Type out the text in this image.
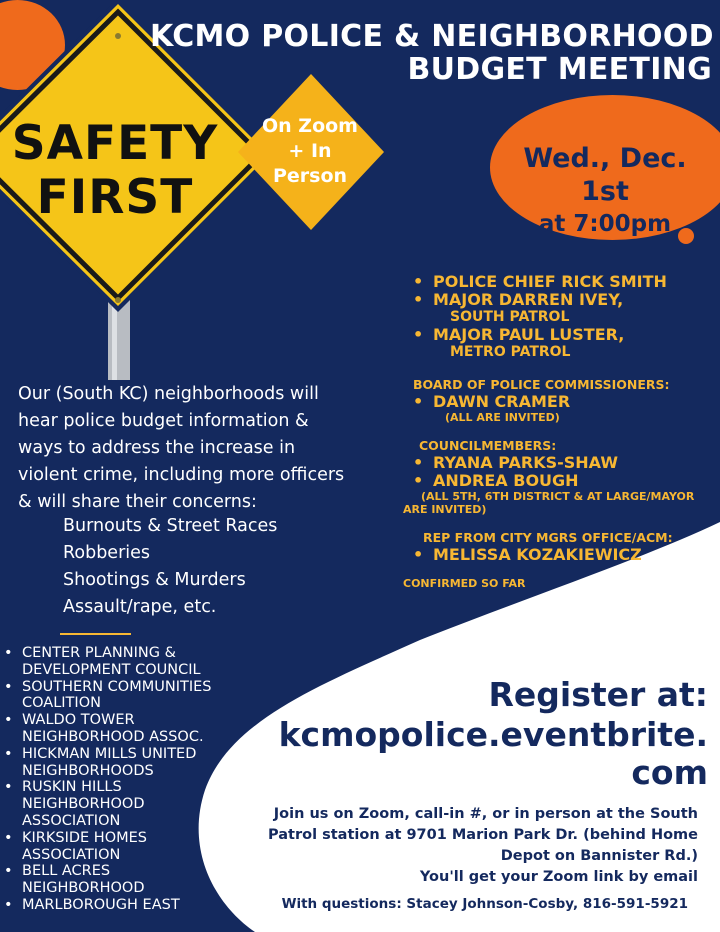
SAFETY
FIRST
On Zoom
+ In
Person
KCMO POLICE & NEIGHBORHOOD
BUDGET MEETING
Wed., Dec. 1st
at 7:00pm
• POLICE CHIEF RICK SMITH
• MAJOR DARREN IVEY,
SOUTH PATROL
• MAJOR PAUL LUSTER,
METRO PATROL
BOARD OF POLICE COMMISSIONERS:
• DAWN CRAMER
(ALL ARE INVITED)
COUNCILMEMBERS:
• RYANA PARKS-SHAW
• ANDREA BOUGH
(ALL 5TH, 6TH DISTRICT & AT LARGE/MAYOR
ARE INVITED)
REP FROM CITY MGRS OFFICE/ACM:
• MELISSA KOZAKIEWICZ
CONFIRMED SO FAR
Our (South KC) neighborhoods will
hear police budget information &
ways to address the increase in
violent crime, including more officers
& will share their concerns:
Burnouts & Street Races
Robberies
Shootings & Murders
Assault/rape, etc.
• CENTER PLANNING &
DEVELOPMENT COUNCIL
• SOUTHERN COMMUNITIES
COALITION
• WALDO TOWER
NEIGHBORHOOD ASSOC.
• HICKMAN MILLS UNITED
NEIGHBORHOODS
• RUSKIN HILLS
NEIGHBORHOOD
ASSOCIATION
• KIRKSIDE HOMES
ASSOCIATION
• BELL ACRES
NEIGHBORHOOD
• MARLBOROUGH EAST
Register at:
kcmopolice.eventbrite.
com
Join us on Zoom, call-in #, or in person at the South
Patrol station at 9701 Marion Park Dr. (behind Home
Depot on Bannister Rd.)
You'll get your Zoom link by email
With questions: Stacey Johnson-Cosby, 816-591-5921
